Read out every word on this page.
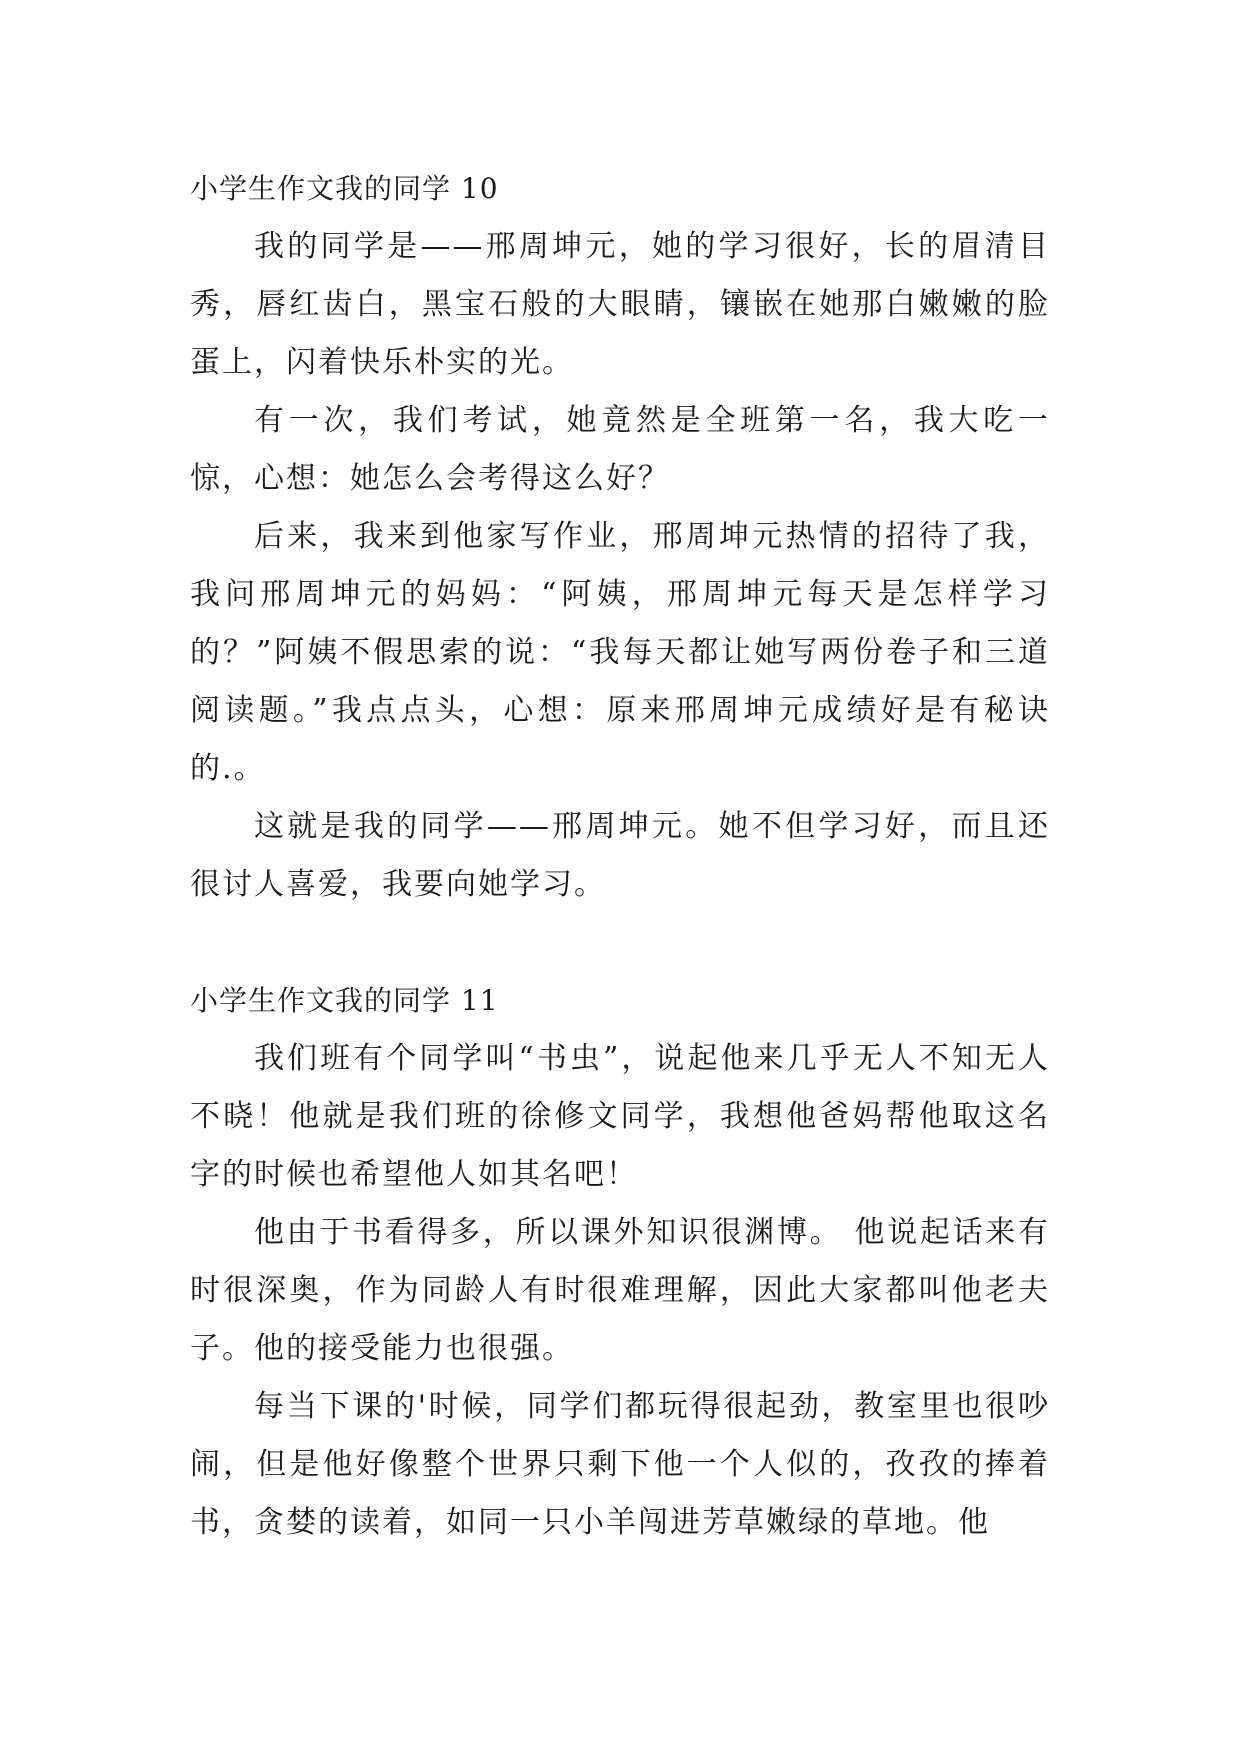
小学生作文我的同学 10

我的同学是——邢周坤元，她的学习很好，长的眉清目秀，唇红齿白，黑宝石般的大眼睛，镶嵌在她那白嫩嫩的脸蛋上，闪着快乐朴实的光。

有一次，我们考试，她竟然是全班第一名，我大吃一惊，心想：她怎么会考得这么好？

后来，我来到他家写作业，邢周坤元热情的招待了我，我问邢周坤元的妈妈：“阿姨，邢周坤元每天是怎样学习的？”阿姨不假思索的说：“我每天都让她写两份卷子和三道阅读题。”我点点头，心想：原来邢周坤元成绩好是有秘诀的.。

这就是我的同学——邢周坤元。她不但学习好，而且还很讨人喜爱，我要向她学习。

小学生作文我的同学 11

我们班有个同学叫“书虫”，说起他来几乎无人不知无人不晓！他就是我们班的徐修文同学，我想他爸妈帮他取这名字的时候也希望他人如其名吧！

他由于书看得多，所以课外知识很渊博。 他说起话来有时很深奥，作为同龄人有时很难理解，因此大家都叫他老夫子。他的接受能力也很强。

每当下课的'时候，同学们都玩得很起劲，教室里也很吵闹，但是他好像整个世界只剩下他一个人似的，孜孜的捧着书，贪婪的读着，如同一只小羊闯进芳草嫩绿的草地。他
